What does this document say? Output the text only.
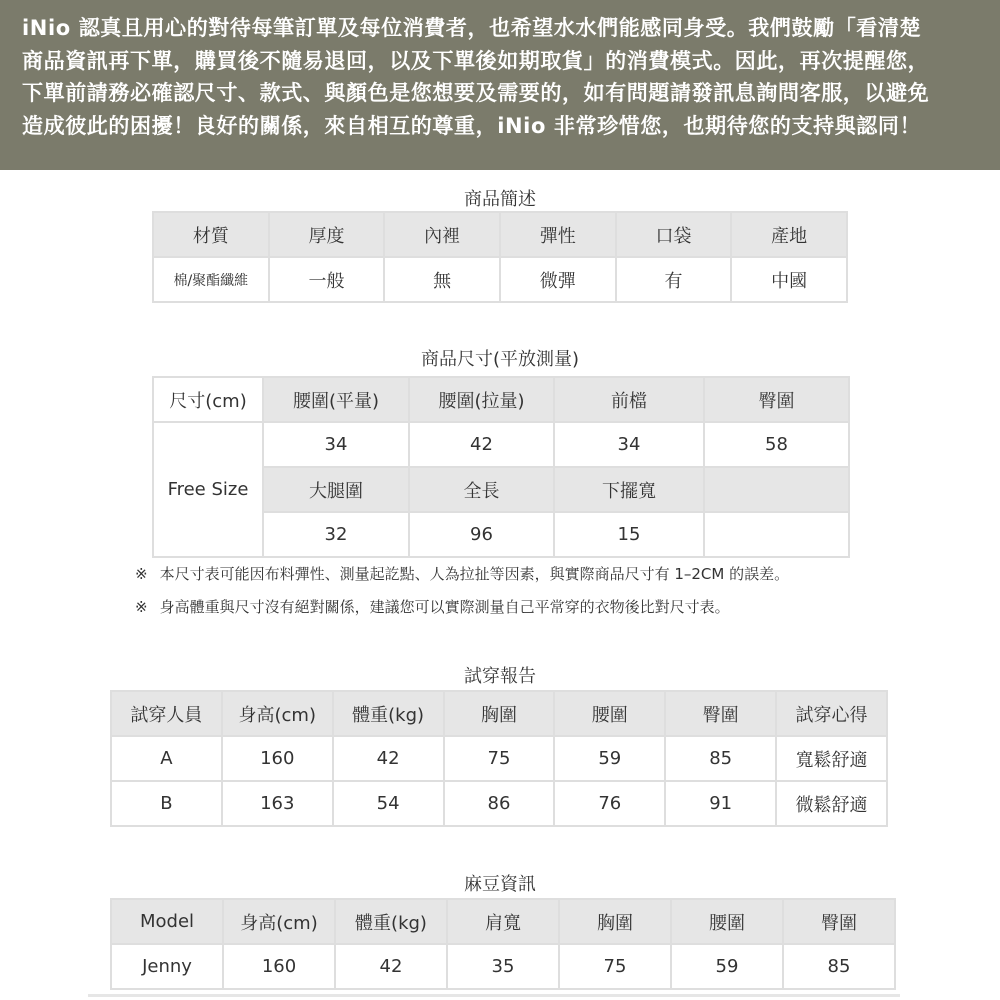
iNio 認真且用心的對待每筆訂單及每位消費者，也希望水水們能感同身受。我們鼓勵「看清楚

商品資訊再下單，購買後不隨易退回，以及下單後如期取貨」的消費模式。因此，再次提醒您，

下單前請務必確認尺寸、款式、與顏色是您想要及需要的，如有問題請發訊息詢問客服，以避免

造成彼此的困擾！良好的關係，來自相互的尊重，iNio 非常珍惜您，也期待您的支持與認同！

商品簡述
材質	厚度	內裡	彈性	口袋	產地
棉/聚酯纖維	一般	無	微彈	有	中國
商品尺寸(平放測量)
尺寸(cm)	腰圍(平量)	腰圍(拉量)	前檔	臀圍
Free Size	34	42	34	58
	大腿圍	全長	下擺寬	
	32	96	15	
※ 本尺寸表可能因布料彈性、測量起訖點、人為拉扯等因素，與實際商品尺寸有 1–2CM 的誤差。
※ 身高體重與尺寸沒有絕對關係，建議您可以實際測量自己平常穿的衣物後比對尺寸表。
試穿報告
試穿人員	身高(cm)	體重(kg)	胸圍	腰圍	臀圍	試穿心得
A	160	42	75	59	85	寬鬆舒適
B	163	54	86	76	91	微鬆舒適
麻豆資訊
Model	身高(cm)	體重(kg)	肩寬	胸圍	腰圍	臀圍
Jenny	160	42	35	75	59	85
